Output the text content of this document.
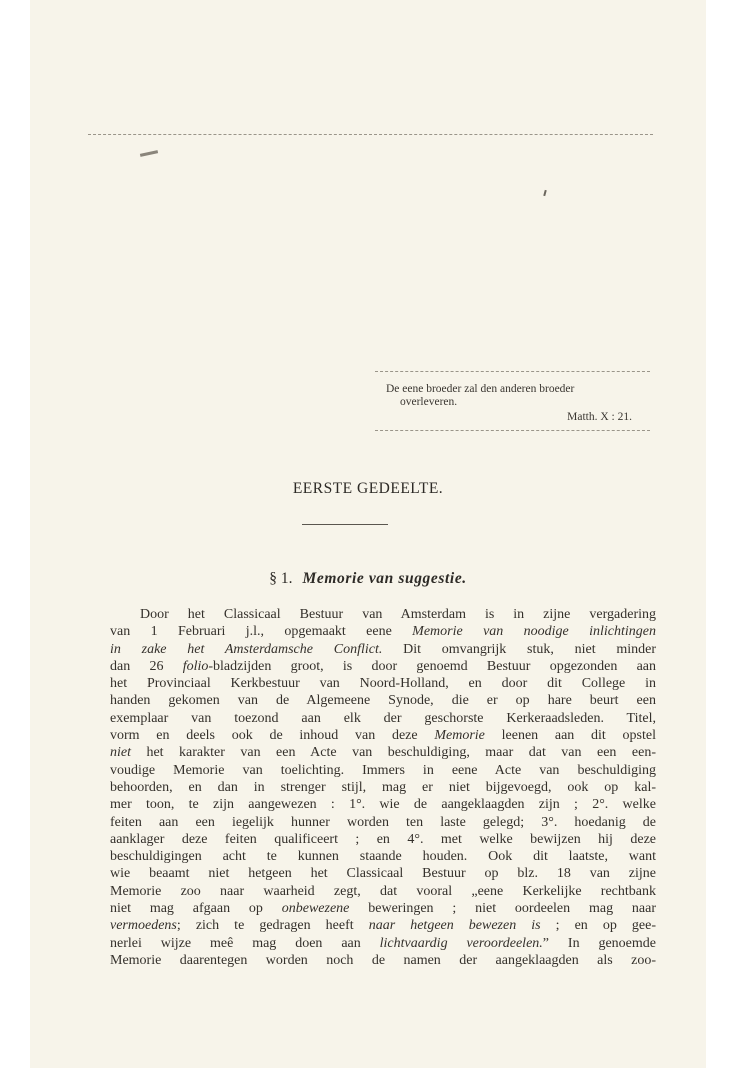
De eene broeder zal den anderen broeder
overleveren.
Matth. X : 21.
EERSTE GEDEELTE.
§ 1. Memorie van suggestie.
Door het Classicaal Bestuur van Amsterdam is in zijne vergadering
van 1 Februari j.l., opgemaakt eene Memorie van noodige inlichtingen
in zake het Amsterdamsche Conflict. Dit omvangrijk stuk, niet minder
dan 26 folio-bladzijden groot, is door genoemd Bestuur opgezonden aan
het Provinciaal Kerkbestuur van Noord-Holland, en door dit College in
handen gekomen van de Algemeene Synode, die er op hare beurt een
exemplaar van toezond aan elk der geschorste Kerkeraadsleden. Titel,
vorm en deels ook de inhoud van deze Memorie leenen aan dit opstel
niet het karakter van een Acte van beschuldiging, maar dat van een een-
voudige Memorie van toelichting. Immers in eene Acte van beschuldiging
behoorden, en dan in strenger stijl, mag er niet bijgevoegd, ook op kal-
mer toon, te zijn aangewezen : 1°. wie de aangeklaagden zijn ; 2°. welke
feiten aan een iegelijk hunner worden ten laste gelegd; 3°. hoedanig de
aanklager deze feiten qualificeert ; en 4°. met welke bewijzen hij deze
beschuldigingen acht te kunnen staande houden. Ook dit laatste, want
wie beaamt niet hetgeen het Classicaal Bestuur op blz. 18 van zijne
Memorie zoo naar waarheid zegt, dat vooral „eene Kerkelijke rechtbank
niet mag afgaan op onbewezene beweringen ; niet oordeelen mag naar
vermoedens; zich te gedragen heeft naar hetgeen bewezen is ; en op gee-
nerlei wijze meê mag doen aan lichtvaardig veroordeelen.” In genoemde
Memorie daarentegen worden noch de namen der aangeklaagden als zoo-
